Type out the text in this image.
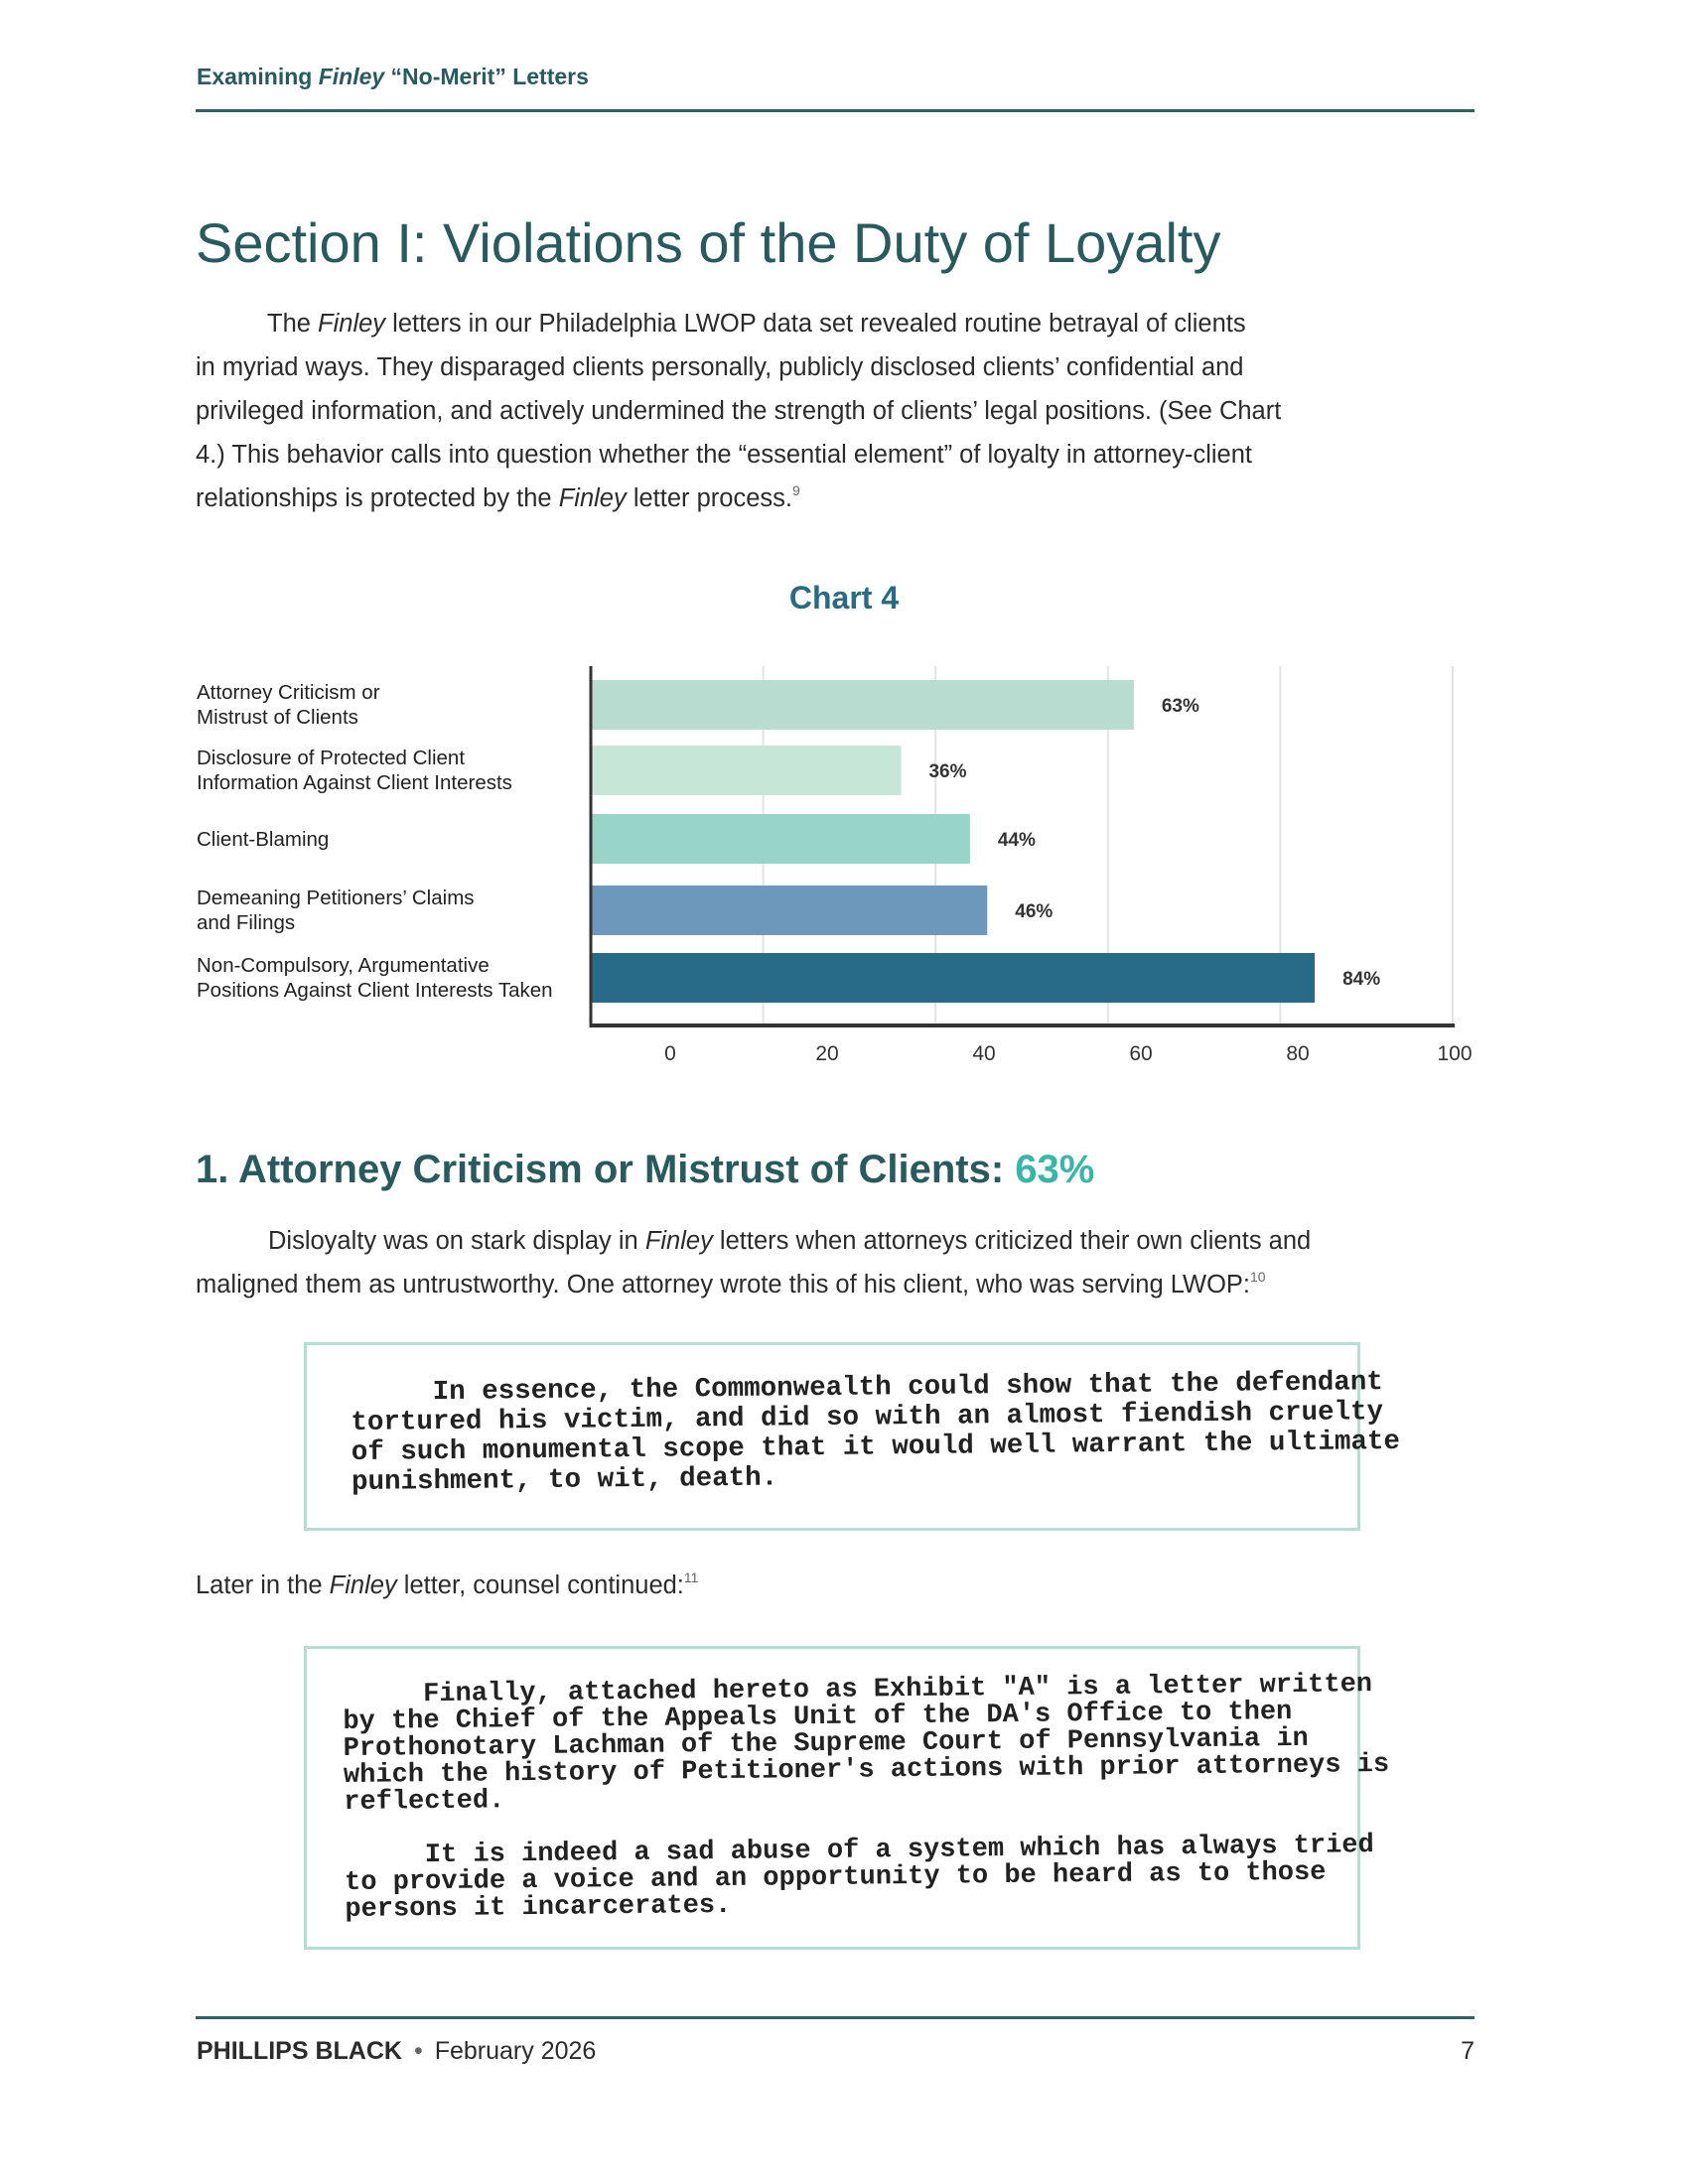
Examining Finley “No-Merit” Letters
Section I: Violations of the Duty of Loyalty
The Finley letters in our Philadelphia LWOP data set revealed routine betrayal of clients
in myriad ways. They disparaged clients personally, publicly disclosed clients’ confidential and
privileged information, and actively undermined the strength of clients’ legal positions. (See Chart
4.) This behavior calls into question whether the “essential element” of loyalty in attorney-client
relationships is protected by the Finley letter process.$^9$
Chart 4
Attorney Criticism or
Mistrust of Clients
Disclosure of Protected Client
Information Against Client Interests
Client-Blaming
Demeaning Petitioners’ Claims
and Filings
Non-Compulsory, Argumentative
Positions Against Client Interests Taken
63%
36%
44%
46%
84%
0	20	40	60	80	100
1. Attorney Criticism or Mistrust of Clients: 63%
Disloyalty was on stark display in Finley letters when attorneys criticized their own clients and
maligned them as untrustworthy. One attorney wrote this of his client, who was serving LWOP:$^{10}$
In essence, the Commonwealth could show that the defendant
tortured his victim, and did so with an almost fiendish cruelty
of such monumental scope that it would well warrant the ultimate
punishment, to wit, death.
Later in the Finley letter, counsel continued:$^{11}$
Finally, attached hereto as Exhibit "A" is a letter written
by the Chief of the Appeals Unit of the DA's Office to then
Prothonotary Lachman of the Supreme Court of Pennsylvania in
which the history of Petitioner's actions with prior attorneys is
reflected.

It is indeed a sad abuse of a system which has always tried
to provide a voice and an opportunity to be heard as to those
persons it incarcerates.
PHILLIPS BLACK • February 2026	7
